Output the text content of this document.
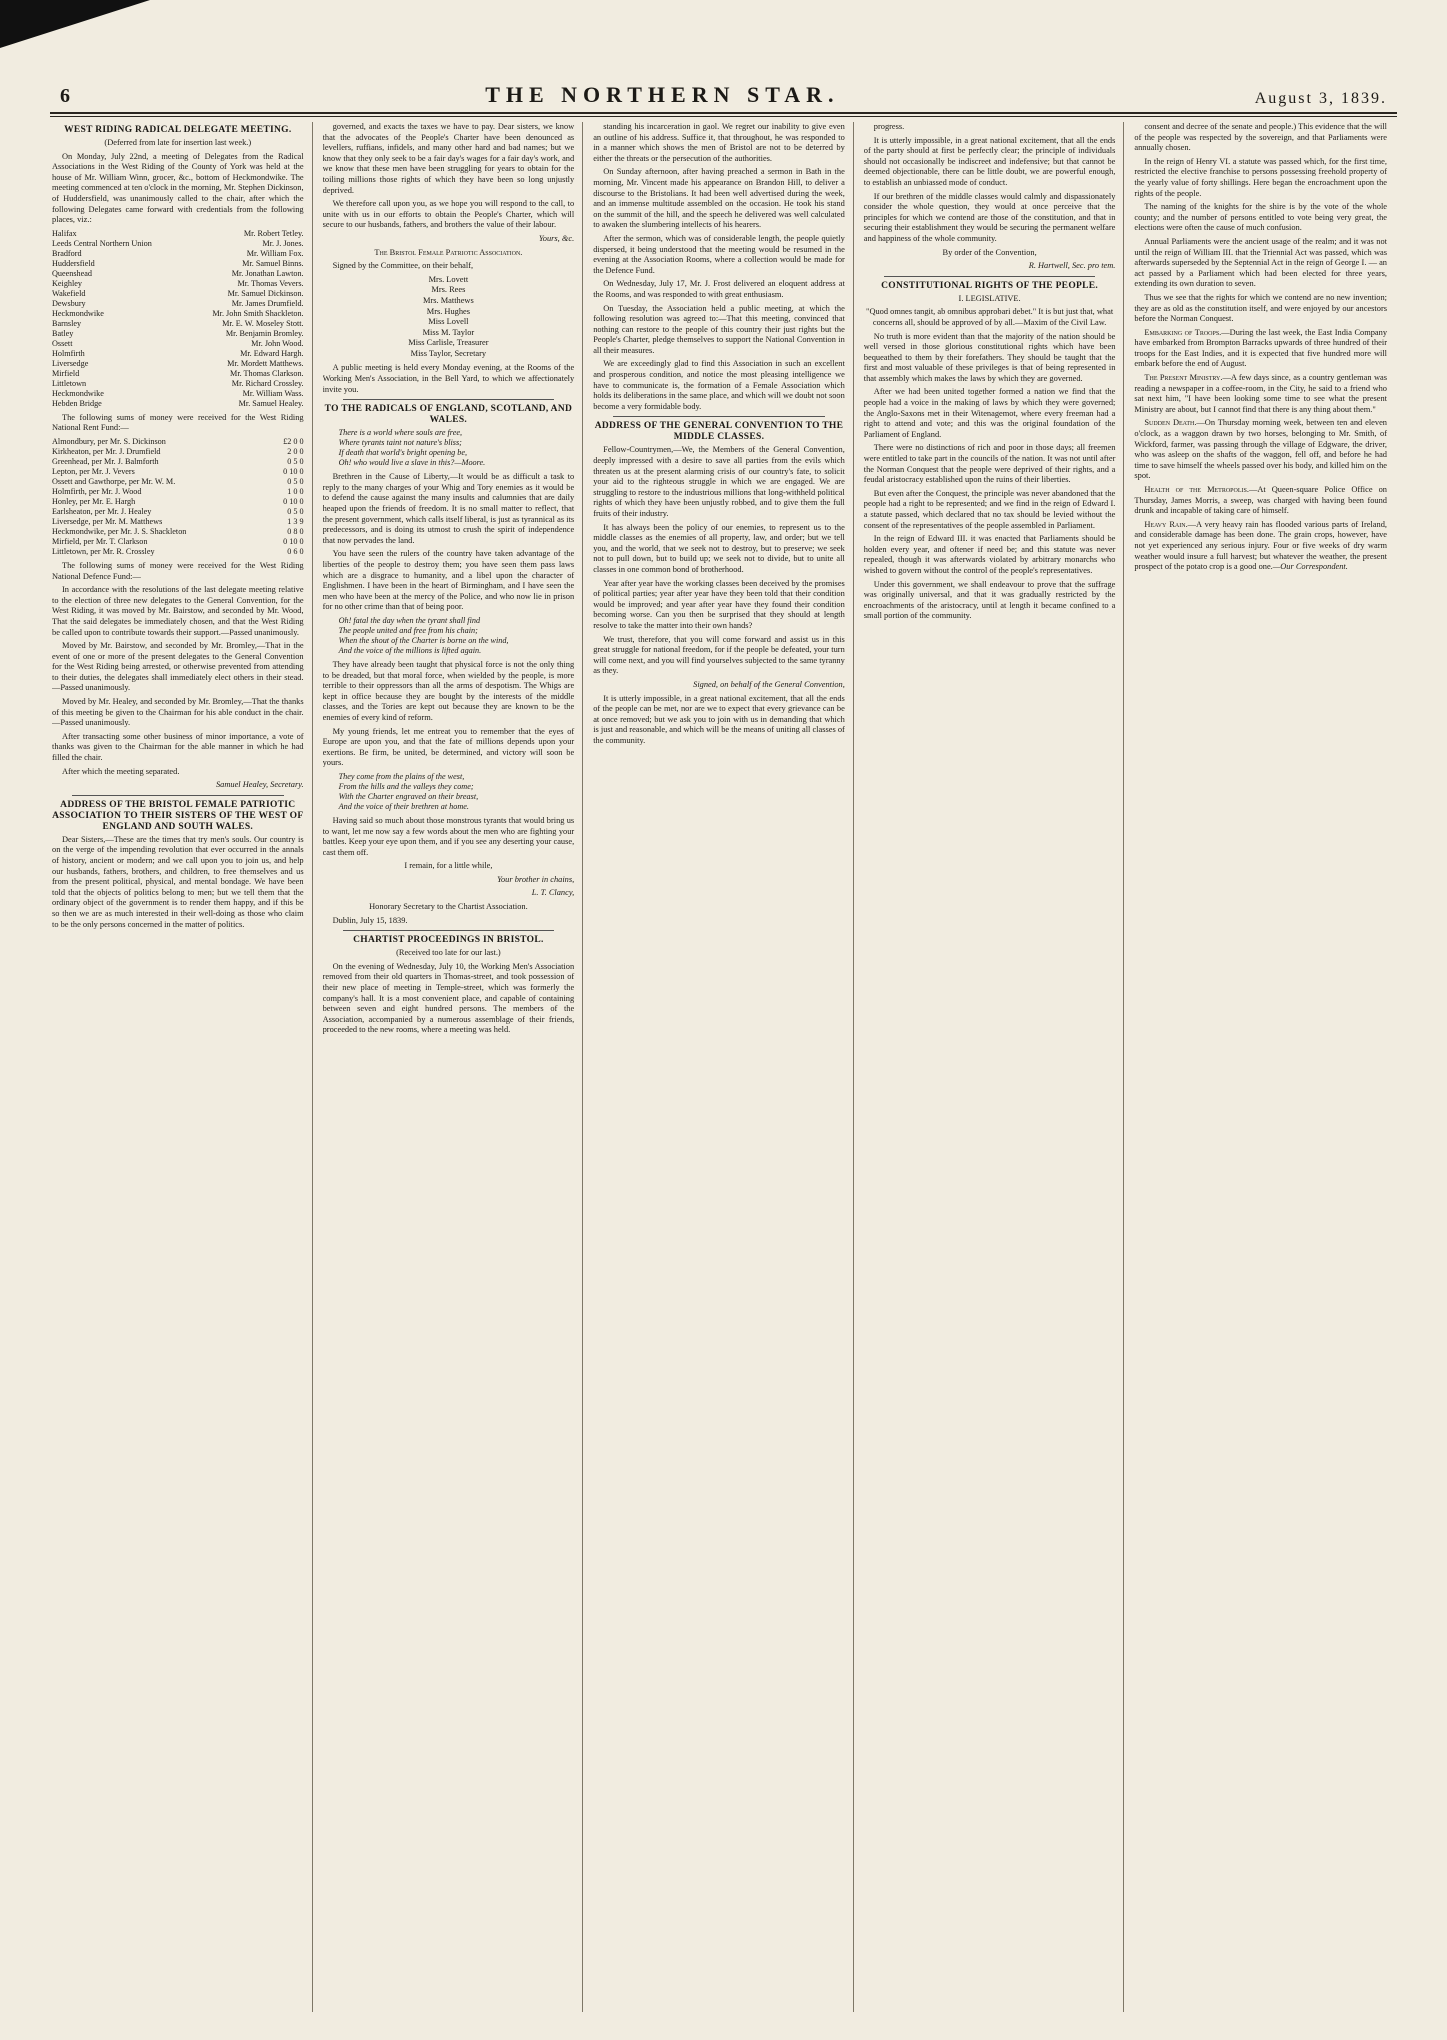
6	THE NORTHERN STAR.	August 3, 1839.
WEST RIDING RADICAL DELEGATE MEETING.

(Deferred from late for insertion last week.)

On Monday, July 22nd, a meeting of Delegates from the Radical Associations in the West Riding of the County of York was held at the house of Mr. William Winn, grocer, &c., bottom of Heckmondwike. The meeting commenced at ten o'clock in the morning, Mr. Stephen Dickinson, of Huddersfield, was unanimously called to the chair, after which the following Delegates came forward with credentials from the following places, viz.:

Halifax	Mr. Robert Tetley.
Leeds Central Northern Union	Mr. J. Jones.
Bradford	Mr. William Fox.
Huddersfield	Mr. Samuel Binns.
Queenshead	Mr. Jonathan Lawton.
Keighley	Mr. Thomas Vevers.
Wakefield	Mr. Samuel Dickinson.
Dewsbury	Mr. James Drumfield.
Heckmondwike	Mr. John Smith Shackleton.
Barnsley	Mr. E. W. Moseley Stott.
Batley	Mr. Benjamin Bromley.
Ossett	Mr. John Wood.
Holmfirth	Mr. Edward Hargh.
Liversedge	Mr. Mordett Matthews.
Mirfield	Mr. Thomas Clarkson.
Littletown	Mr. Richard Crossley.
Heckmondwike	Mr. William Wass.
Hebden Bridge	Mr. Samuel Healey.

The following sums of money were received for the West Riding National Rent Fund:—

Almondbury, per Mr. S. Dickinson	£2 0 0
Kirkheaton, per Mr. J. Drumfield	2 0 0
Greenhead, per Mr. J. Balmforth	0 5 0
Lepton, per Mr. J. Vevers	0 10 0
Ossett and Gawthorpe, per Mr. W. M.	0 5 0
Holmfirth, per Mr. J. Wood	1 0 0
Honley, per Mr. E. Hargh	0 10 0
Earlsheaton, per Mr. J. Healey	0 5 0
Liversedge, per Mr. M. Matthews	1 3 9
Heckmondwike, per Mr. J. S. Shackleton	0 8 0
Mirfield, per Mr. T. Clarkson	0 10 0
Littletown, per Mr. R. Crossley	0 6 0

The following sums of money were received for the West Riding National Defence Fund:—

In accordance with the resolutions of the last delegate meeting relative to the election of three new delegates to the General Convention, for the West Riding, it was moved by Mr. Bairstow, and seconded by Mr. Wood, That the said delegates be immediately chosen, and that the West Riding be called upon to contribute towards their support.—Passed unanimously.

Moved by Mr. Bairstow, and seconded by Mr. Bromley,—That in the event of one or more of the present delegates to the General Convention for the West Riding being arrested, or otherwise prevented from attending to their duties, the delegates shall immediately elect others in their stead.—Passed unanimously.

Moved by Mr. Healey, and seconded by Mr. Bromley,—That the thanks of this meeting be given to the Chairman for his able conduct in the chair.—Passed unanimously.

After transacting some other business of minor importance, a vote of thanks was given to the Chairman for the able manner in which he had filled the chair.

After which the meeting separated.

Samuel Healey, Secretary.

ADDRESS OF THE BRISTOL FEMALE PATRIOTIC ASSOCIATION TO THEIR SISTERS OF THE WEST OF ENGLAND AND SOUTH WALES.

Dear Sisters,—These are the times that try men's souls. Our country is on the verge of the impending revolution that ever occurred in the annals of history, ancient or modern; and we call upon you to join us, and help our husbands, fathers, brothers, and children, to free themselves and us from the present political, physical, and mental bondage. We have been told that the objects of politics belong to men; but we tell them that the ordinary object of the government is to render them happy, and if this be so then we are as much interested in their well-doing as those who claim to be the only persons concerned in the matter of politics.

governed, and exacts the taxes we have to pay. Dear sisters, we know that the advocates of the People's Charter have been denounced as levellers, ruffians, infidels, and many other hard and bad names; but we know that they only seek to be a fair day's wages for a fair day's work, and we know that these men have been struggling for years to obtain for the toiling millions those rights of which they have been so long unjustly deprived.

We therefore call upon you, as we hope you will respond to the call, to unite with us in our efforts to obtain the People's Charter, which will secure to our husbands, fathers, and brothers the value of their labour.

Yours, &c.

The Bristol Female Patriotic Association.

Signed by the Committee, on their behalf,

Mrs. Lovett
Mrs. Rees
Mrs. Matthews
Mrs. Hughes
Miss Lovell
Miss M. Taylor
Miss Carlisle, Treasurer
Miss Taylor, Secretary

A public meeting is held every Monday evening, at the Rooms of the Working Men's Association, in the Bell Yard, to which we affectionately invite you.

TO THE RADICALS OF ENGLAND, SCOTLAND, AND WALES.
There is a world where souls are free,
Where tyrants taint not nature's bliss;
If death that world's bright opening be,
Oh! who would live a slave in this?—Moore.

Brethren in the Cause of Liberty,—It would be as difficult a task to reply to the many charges of your Whig and Tory enemies as it would be to defend the cause against the many insults and calumnies that are daily heaped upon the friends of freedom. It is no small matter to reflect, that the present government, which calls itself liberal, is just as tyrannical as its predecessors, and is doing its utmost to crush the spirit of independence that now pervades the land.

You have seen the rulers of the country have taken advantage of the liberties of the people to destroy them; you have seen them pass laws which are a disgrace to humanity, and a libel upon the character of Englishmen. I have been in the heart of Birmingham, and I have seen the men who have been at the mercy of the Police, and who now lie in prison for no other crime than that of being poor.

Oh! fatal the day when the tyrant shall find
The people united and free from his chain;
When the shout of the Charter is borne on the wind,
And the voice of the millions is lifted again.

They have already been taught that physical force is not the only thing to be dreaded, but that moral force, when wielded by the people, is more terrible to their oppressors than all the arms of despotism. The Whigs are kept in office because they are bought by the interests of the middle classes, and the Tories are kept out because they are known to be the enemies of every kind of reform.

My young friends, let me entreat you to remember that the eyes of Europe are upon you, and that the fate of millions depends upon your exertions. Be firm, be united, be determined, and victory will soon be yours.

They come from the plains of the west,
From the hills and the valleys they come;
With the Charter engraved on their breast,
And the voice of their brethren at home.

Having said so much about those monstrous tyrants that would bring us to want, let me now say a few words about the men who are fighting your battles. Keep your eye upon them, and if you see any deserting your cause, cast them off.

I remain, for a little while,

Your brother in chains,

L. T. Clancy,

Honorary Secretary to the Chartist Association.

Dublin, July 15, 1839.

CHARTIST PROCEEDINGS IN BRISTOL.

(Received too late for our last.)

On the evening of Wednesday, July 10, the Working Men's Association removed from their old quarters in Thomas-street, and took possession of their new place of meeting in Temple-street, which was formerly the company's hall. It is a most convenient place, and capable of containing between seven and eight hundred persons. The members of the Association, accompanied by a numerous assemblage of their friends, proceeded to the new rooms, where a meeting was held.

standing his incarceration in gaol. We regret our inability to give even an outline of his address. Suffice it, that throughout, he was responded to in a manner which shows the men of Bristol are not to be deterred by either the threats or the persecution of the authorities.

On Sunday afternoon, after having preached a sermon in Bath in the morning, Mr. Vincent made his appearance on Brandon Hill, to deliver a discourse to the Bristolians. It had been well advertised during the week, and an immense multitude assembled on the occasion. He took his stand on the summit of the hill, and the speech he delivered was well calculated to awaken the slumbering intellects of his hearers.

After the sermon, which was of considerable length, the people quietly dispersed, it being understood that the meeting would be resumed in the evening at the Association Rooms, where a collection would be made for the Defence Fund.

On Wednesday, July 17, Mr. J. Frost delivered an eloquent address at the Rooms, and was responded to with great enthusiasm.

On Tuesday, the Association held a public meeting, at which the following resolution was agreed to:—That this meeting, convinced that nothing can restore to the people of this country their just rights but the People's Charter, pledge themselves to support the National Convention in all their measures.

We are exceedingly glad to find this Association in such an excellent and prosperous condition, and notice the most pleasing intelligence we have to communicate is, the formation of a Female Association which holds its deliberations in the same place, and which will we doubt not soon become a very formidable body.

ADDRESS OF THE GENERAL CONVENTION TO THE MIDDLE CLASSES.

Fellow-Countrymen,—We, the Members of the General Convention, deeply impressed with a desire to save all parties from the evils which threaten us at the present alarming crisis of our country's fate, to solicit your aid to the righteous struggle in which we are engaged. We are struggling to restore to the industrious millions that long-withheld political rights of which they have been unjustly robbed, and to give them the full fruits of their industry.

It has always been the policy of our enemies, to represent us to the middle classes as the enemies of all property, law, and order; but we tell you, and the world, that we seek not to destroy, but to preserve; we seek not to pull down, but to build up; we seek not to divide, but to unite all classes in one common bond of brotherhood.

Year after year have the working classes been deceived by the promises of political parties; year after year have they been told that their condition would be improved; and year after year have they found their condition becoming worse. Can you then be surprised that they should at length resolve to take the matter into their own hands?

We trust, therefore, that you will come forward and assist us in this great struggle for national freedom, for if the people be defeated, your turn will come next, and you will find yourselves subjected to the same tyranny as they.

Signed, on behalf of the General Convention,

It is utterly impossible, in a great national excitement, that all the ends of the people can be met, nor are we to expect that every grievance can be at once removed; but we ask you to join with us in demanding that which is just and reasonable, and which will be the means of uniting all classes of the community.

progress.

It is utterly impossible, in a great national excitement, that all the ends of the party should at first be perfectly clear; the principle of individuals should not occasionally be indiscreet and indefensive; but that cannot be deemed objectionable, there can be little doubt, we are powerful enough, to establish an unbiassed mode of conduct.

If our brethren of the middle classes would calmly and dispassionately consider the whole question, they would at once perceive that the principles for which we contend are those of the constitution, and that in securing their establishment they would be securing the permanent welfare and happiness of the whole community.

By order of the Convention,

R. Hartwell, Sec. pro tem.

CONSTITUTIONAL RIGHTS OF THE PEOPLE.

I. LEGISLATIVE.

"Quod omnes tangit, ab omnibus approbari debet." It is but just that, what concerns all, should be approved of by all.—Maxim of the Civil Law.

No truth is more evident than that the majority of the nation should be well versed in those glorious constitutional rights which have been bequeathed to them by their forefathers. They should be taught that the first and most valuable of these privileges is that of being represented in that assembly which makes the laws by which they are governed.

After we had been united together formed a nation we find that the people had a voice in the making of laws by which they were governed; the Anglo-Saxons met in their Witenagemot, where every freeman had a right to attend and vote; and this was the original foundation of the Parliament of England.

There were no distinctions of rich and poor in those days; all freemen were entitled to take part in the councils of the nation. It was not until after the Norman Conquest that the people were deprived of their rights, and a feudal aristocracy established upon the ruins of their liberties.

But even after the Conquest, the principle was never abandoned that the people had a right to be represented; and we find in the reign of Edward I. a statute passed, which declared that no tax should be levied without the consent of the representatives of the people assembled in Parliament.

In the reign of Edward III. it was enacted that Parliaments should be holden every year, and oftener if need be; and this statute was never repealed, though it was afterwards violated by arbitrary monarchs who wished to govern without the control of the people's representatives.

Under this government, we shall endeavour to prove that the suffrage was originally universal, and that it was gradually restricted by the encroachments of the aristocracy, until at length it became confined to a small portion of the community.

consent and decree of the senate and people.) This evidence that the will of the people was respected by the sovereign, and that Parliaments were annually chosen.

In the reign of Henry VI. a statute was passed which, for the first time, restricted the elective franchise to persons possessing freehold property of the yearly value of forty shillings. Here began the encroachment upon the rights of the people.

The naming of the knights for the shire is by the vote of the whole county; and the number of persons entitled to vote being very great, the elections were often the cause of much confusion.

Annual Parliaments were the ancient usage of the realm; and it was not until the reign of William III. that the Triennial Act was passed, which was afterwards superseded by the Septennial Act in the reign of George I. — an act passed by a Parliament which had been elected for three years, extending its own duration to seven.

Thus we see that the rights for which we contend are no new invention; they are as old as the constitution itself, and were enjoyed by our ancestors before the Norman Conquest.

Embarking of Troops.—During the last week, the East India Company have embarked from Brompton Barracks upwards of three hundred of their troops for the East Indies, and it is expected that five hundred more will embark before the end of August.

The Present Ministry.—A few days since, as a country gentleman was reading a newspaper in a coffee-room, in the City, he said to a friend who sat next him, "I have been looking some time to see what the present Ministry are about, but I cannot find that there is any thing about them."

Sudden Death.—On Thursday morning week, between ten and eleven o'clock, as a waggon drawn by two horses, belonging to Mr. Smith, of Wickford, farmer, was passing through the village of Edgware, the driver, who was asleep on the shafts of the waggon, fell off, and before he had time to save himself the wheels passed over his body, and killed him on the spot.

Health of the Metropolis.—At Queen-square Police Office on Thursday, James Morris, a sweep, was charged with having been found drunk and incapable of taking care of himself.

Heavy Rain.—A very heavy rain has flooded various parts of Ireland, and considerable damage has been done. The grain crops, however, have not yet experienced any serious injury. Four or five weeks of dry warm weather would insure a full harvest; but whatever the weather, the present prospect of the potato crop is a good one.—Our Correspondent.
